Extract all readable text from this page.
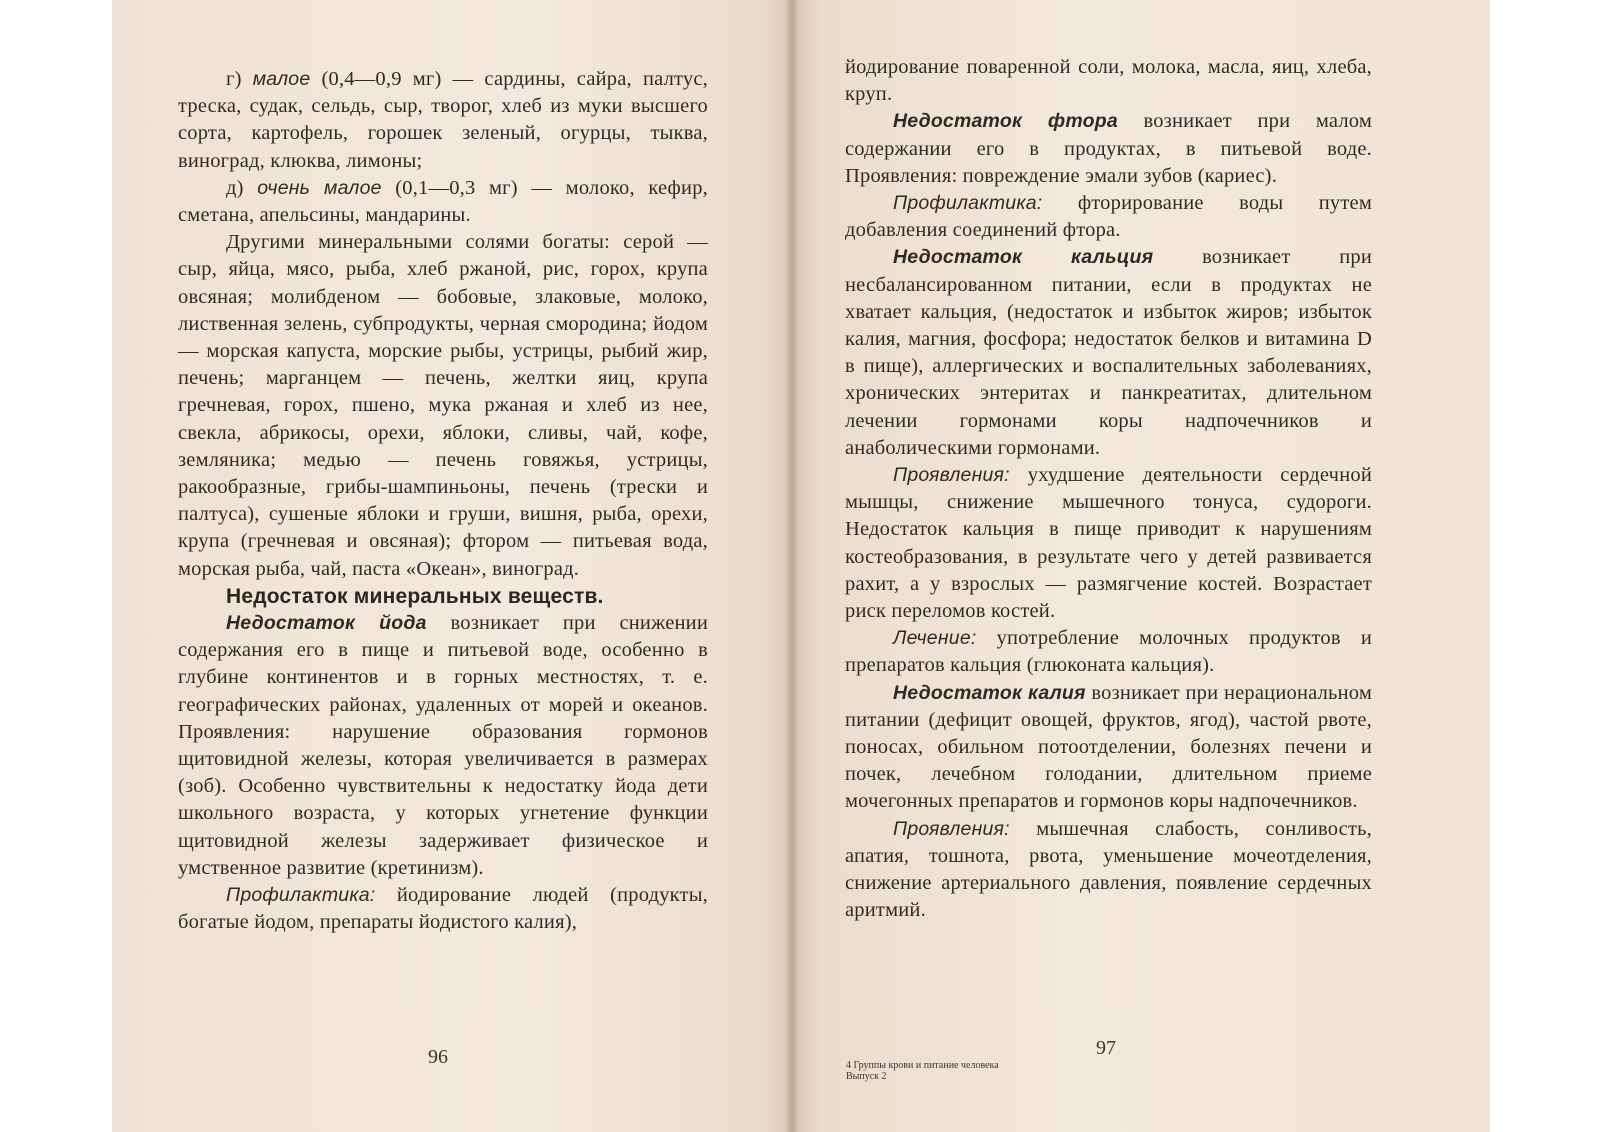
г) малое (0,4—0,9 мг) — сардины, сайра, палтус, треска, судак, сельдь, сыр, творог, хлеб из муки высшего сорта, картофель, горошек зеленый, огурцы, тыква, виноград, клюква, лимоны;

д) очень малое (0,1—0,3 мг) — молоко, кефир, сметана, апельсины, мандарины.

Другими минеральными солями богаты: серой — сыр, яйца, мясо, рыба, хлеб ржаной, рис, горох, крупа овсяная; молибденом — бобовые, злаковые, молоко, лиственная зелень, субпродукты, черная смородина; йодом — морская капуста, морские рыбы, устрицы, рыбий жир, печень; марганцем — печень, желтки яиц, крупа гречневая, горох, пшено, мука ржаная и хлеб из нее, свекла, абрикосы, орехи, яблоки, сливы, чай, кофе, земляника; медью — печень говяжья, устрицы, ракообразные, грибы-шампиньоны, печень (трески и палтуса), сушеные яблоки и груши, вишня, рыба, орехи, крупа (гречневая и овсяная); фтором — питьевая вода, морская рыба, чай, паста «Океан», виноград.

Недостаток минеральных веществ.

Недостаток йода возникает при снижении содержания его в пище и питьевой воде, особенно в глубине континентов и в горных местностях, т. е. географических районах, удаленных от морей и океанов. Проявления: нарушение образования гормонов щитовидной железы, которая увеличивается в размерах (зоб). Особенно чувствительны к недостатку йода дети школьного возраста, у которых угнетение функции щитовидной железы задерживает физическое и умственное развитие (кретинизм).

Профилактика: йодирование людей (продукты, богатые йодом, препараты йодистого калия),

96

йодирование поваренной соли, молока, масла, яиц, хлеба, круп.

Недостаток фтора возникает при малом содержании его в продуктах, в питьевой воде. Проявления: повреждение эмали зубов (кариес).

Профилактика: фторирование воды путем добавления соединений фтора.

Недостаток кальция возникает при несбалансированном питании, если в продуктах не хватает кальция, (недостаток и избыток жиров; избыток калия, магния, фосфора; недостаток белков и витамина D в пище), аллергических и воспалительных заболеваниях, хронических энтеритах и панкреатитах, длительном лечении гормонами коры надпочечников и анаболическими гормонами.

Проявления: ухудшение деятельности сердечной мышцы, снижение мышечного тонуса, судороги. Недостаток кальция в пище приводит к нарушениям костеобразования, в результате чего у детей развивается рахит, а у взрослых — размягчение костей. Возрастает риск переломов костей.

Лечение: употребление молочных продуктов и препаратов кальция (глюконата кальция).

Недостаток калия возникает при нерациональном питании (дефицит овощей, фруктов, ягод), частой рвоте, поносах, обильном потоотделении, болезнях печени и почек, лечебном голодании, длительном приеме мочегонных препаратов и гормонов коры надпочечников.

Проявления: мышечная слабость, сонливость, апатия, тошнота, рвота, уменьшение мочеотделения, снижение артериального давления, появление сердечных аритмий.

97
4 Группы крови и питание человека
Выпуск 2
